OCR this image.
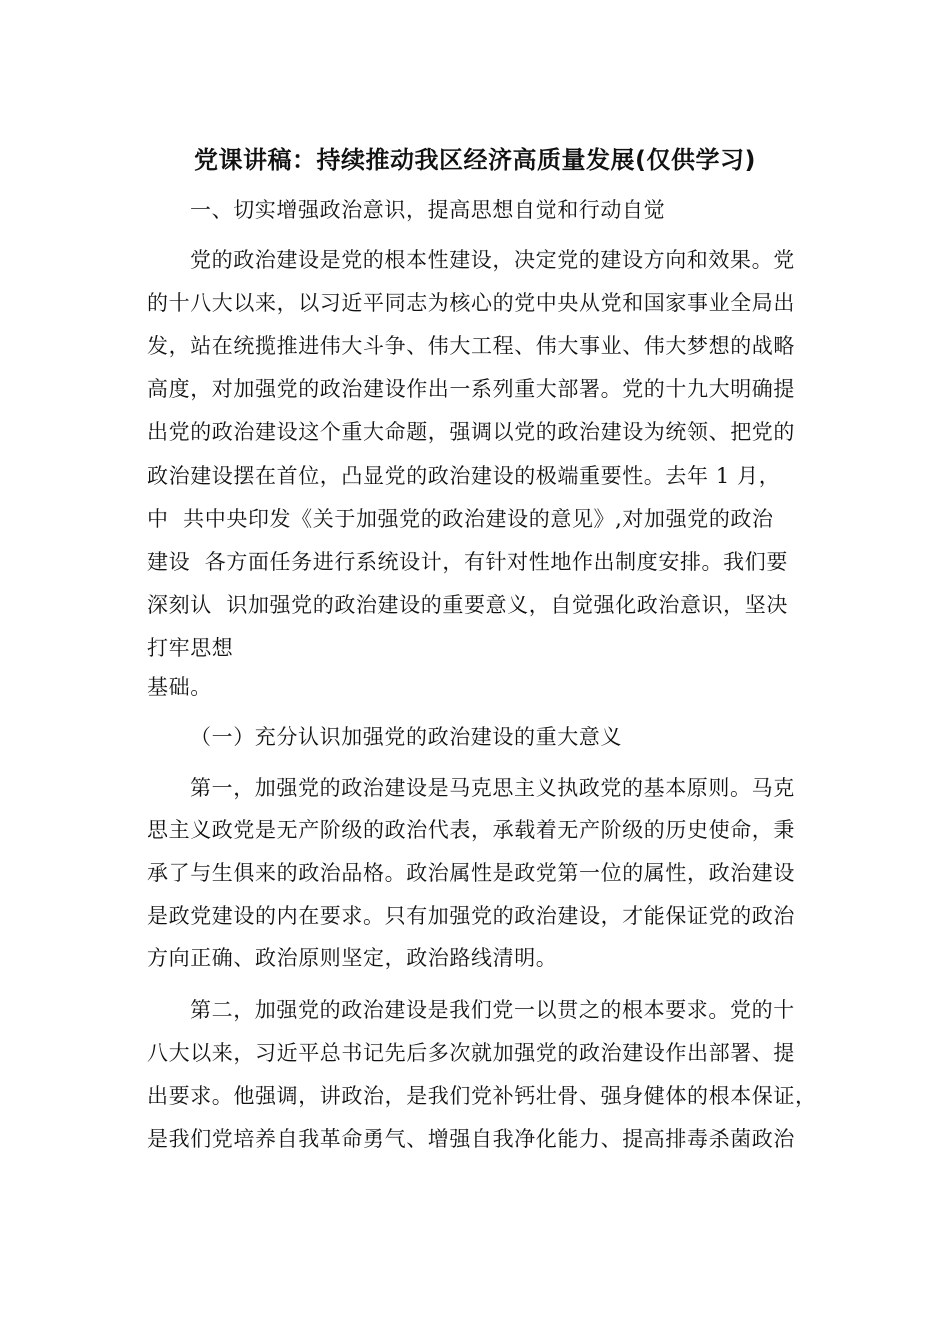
党课讲稿：持续推动我区经济高质量发展(仅供学习)
一、切实增强政治意识，提高思想自觉和行动自觉
党的政治建设是党的根本性建设，决定党的建设方向和效果。党
的十八大以来，以习近平同志为核心的党中央从党和国家事业全局出
发，站在统揽推进伟大斗争、伟大工程、伟大事业、伟大梦想的战略
高度，对加强党的政治建设作出一系列重大部署。党的十九大明确提
出党的政治建设这个重大命题，强调以党的政治建设为统领、把党的
政治建设摆在首位，凸显党的政治建设的极端重要性。去年 1 月，
中  共中央印发《关于加强党的政治建设的意见》,对加强党的政治
建设  各方面任务进行系统设计，有针对性地作出制度安排。我们要
深刻认  识加强党的政治建设的重要意义，自觉强化政治意识，坚决
打牢思想
基础。
（一）充分认识加强党的政治建设的重大意义
第一，加强党的政治建设是马克思主义执政党的基本原则。马克
思主义政党是无产阶级的政治代表，承载着无产阶级的历史使命，秉
承了与生俱来的政治品格。政治属性是政党第一位的属性，政治建设
是政党建设的内在要求。只有加强党的政治建设，才能保证党的政治
方向正确、政治原则坚定，政治路线清明。
第二，加强党的政治建设是我们党一以贯之的根本要求。党的十
八大以来，习近平总书记先后多次就加强党的政治建设作出部署、提
出要求。他强调，讲政治，是我们党补钙壮骨、强身健体的根本保证，
是我们党培养自我革命勇气、增强自我净化能力、提高排毒杀菌政治
